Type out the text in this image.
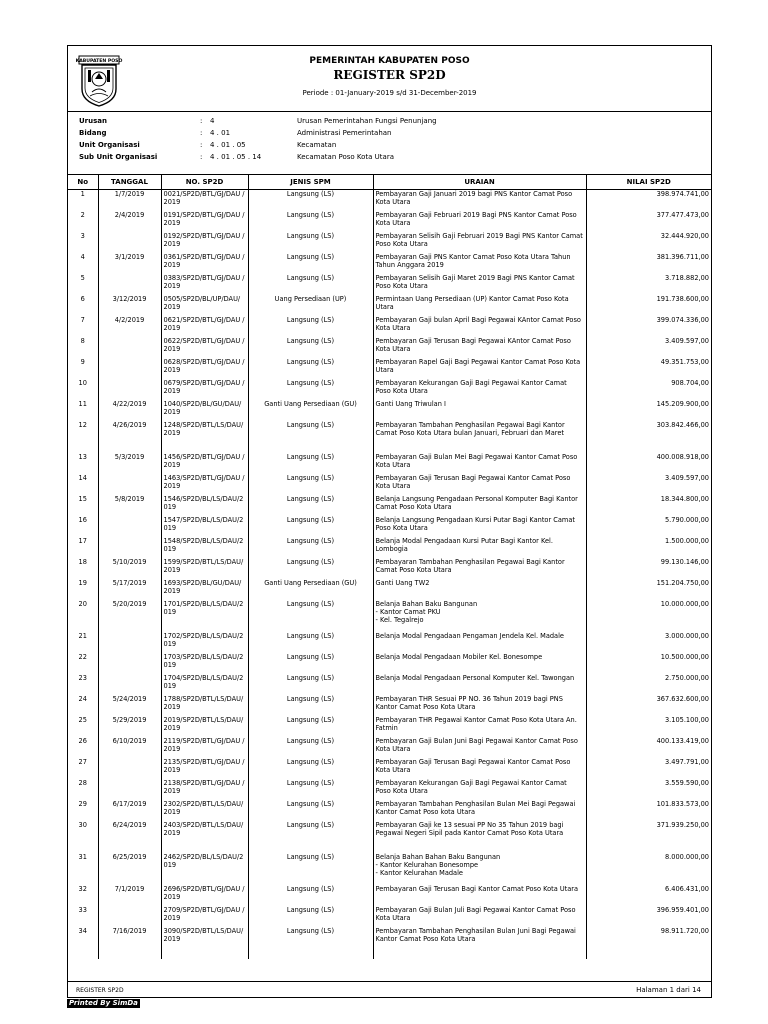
KABUPATEN POSO	PEMERINTAH KABUPATEN POSO
REGISTER SP2D
Periode : 01-January-2019 s/d 31-December-2019
Urusan	: 4	Urusan Pemerintahan Fungsi Penunjang
Bidang	: 4 . 01	Administrasi Pemerintahan
Unit Organisasi	: 4 . 01 . 05	Kecamatan
Sub Unit Organisasi	: 4 . 01 . 05 . 14	Kecamatan Poso Kota Utara
No	TANGGAL	NO. SP2D	JENIS SPM	URAIAN	NILAI SP2D
1	1/7/2019	0021/SP2D/BTL/GJ/DAU /2019	Langsung (LS)	Pembayaran Gaji Januari 2019 bagi PNS Kantor Camat Poso Kota Utara	398.974.741,00
2	2/4/2019	0191/SP2D/BTL/GJ/DAU /2019	Langsung (LS)	Pembayaran Gaji Februari 2019 Bagi PNS Kantor Camat Poso Kota Utara	377.477.473,00
3		0192/SP2D/BTL/GJ/DAU /2019	Langsung (LS)	Pembayaran Selisih Gaji Februari 2019 Bagi PNS Kantor Camat Poso Kota Utara	32.444.920,00
4	3/1/2019	0361/SP2D/BTL/GJ/DAU /2019	Langsung (LS)	Pembayaran Gaji PNS Kantor Camat Poso Kota Utara Tahun Tahun Anggara 2019	381.396.711,00
5		0383/SP2D/BTL/GJ/DAU /2019	Langsung (LS)	Pembayaran Selisih Gaji Maret 2019 Bagi PNS Kantor Camat Poso Kota Utara	3.718.882,00
6	3/12/2019	0505/SP2D/BL/UP/DAU/ 2019	Uang Persediaan (UP)	Permintaan Uang Persediaan (UP) Kantor Camat Poso Kota Utara	191.738.600,00
7	4/2/2019	0621/SP2D/BTL/GJ/DAU /2019	Langsung (LS)	Pembayaran Gaji bulan April Bagi Pegawai KAntor Camat Poso Kota Utara	399.074.336,00
8		0622/SP2D/BTL/GJ/DAU /2019	Langsung (LS)	Pembayaran Gaji Terusan Bagi Pegawai KAntor Camat Poso Kota Utara	3.409.597,00
9		0628/SP2D/BTL/GJ/DAU /2019	Langsung (LS)	Pembayaran Rapel Gaji Bagi Pegawai Kantor Camat Poso Kota Utara	49.351.753,00
10		0679/SP2D/BTL/GJ/DAU /2019	Langsung (LS)	Pembayaran Kekurangan Gaji Bagi Pegawai Kantor Camat Poso Kota Utara	908.704,00
11	4/22/2019	1040/SP2D/BL/GU/DAU/ 2019	Ganti Uang Persediaan (GU)	Ganti Uang Triwulan I	145.209.900,00
12	4/26/2019	1248/SP2D/BTL/LS/DAU/ 2019	Langsung (LS)	Pembayaran Tambahan Penghasilan Pegawai Bagi Kantor Camat Poso Kota Utara bulan Januari, Februari dan Maret	303.842.466,00
13	5/3/2019	1456/SP2D/BTL/GJ/DAU /2019	Langsung (LS)	Pembayaran Gaji Bulan Mei Bagi Pegawai Kantor Camat Poso Kota Utara	400.008.918,00
14		1463/SP2D/BTL/GJ/DAU /2019	Langsung (LS)	Pembayaran Gaji Terusan Bagi Pegawai Kantor Camat Poso Kota Utara	3.409.597,00
15	5/8/2019	1546/SP2D/BL/LS/DAU/2 019	Langsung (LS)	Belanja Langsung Pengadaan Personal Komputer Bagi Kantor Camat Poso Kota Utara	18.344.800,00
16		1547/SP2D/BL/LS/DAU/2 019	Langsung (LS)	Belanja Langsung Pengadaan Kursi Putar Bagi Kantor Camat Poso Kota Utara	5.790.000,00
17		1548/SP2D/BL/LS/DAU/2 019	Langsung (LS)	Belanja Modal Pengadaan Kursi Putar Bagi Kantor Kel. Lombogia	1.500.000,00
18	5/10/2019	1599/SP2D/BTL/LS/DAU/ 2019	Langsung (LS)	Pembayaran Tambahan Penghasilan Pegawai Bagi Kantor Camat Poso Kota Utara	99.130.146,00
19	5/17/2019	1693/SP2D/BL/GU/DAU/ 2019	Ganti Uang Persediaan (GU)	Ganti Uang TW2	151.204.750,00
20	5/20/2019	1701/SP2D/BL/LS/DAU/2 019	Langsung (LS)	Belanja Bahan Baku Bangunan
- Kantor Camat PKU
- Kel. Tegalrejo	10.000.000,00
21		1702/SP2D/BL/LS/DAU/2 019	Langsung (LS)	Belanja Modal Pengadaan Pengaman Jendela Kel. Madale	3.000.000,00
22		1703/SP2D/BL/LS/DAU/2 019	Langsung (LS)	Belanja Modal Pengadaan Mobiler Kel. Bonesompe	10.500.000,00
23		1704/SP2D/BL/LS/DAU/2 019	Langsung (LS)	Belanja Modal Pengadaan Personal Komputer Kel. Tawongan	2.750.000,00
24	5/24/2019	1788/SP2D/BTL/LS/DAU/ 2019	Langsung (LS)	Pembayaran THR Sesuai PP NO. 36 Tahun 2019 bagi PNS Kantor Camat Poso Kota Utara	367.632.600,00
25	5/29/2019	2019/SP2D/BTL/LS/DAU/ 2019	Langsung (LS)	Pembayaran THR Pegawai Kantor Camat Poso Kota Utara An. Fatmin	3.105.100,00
26	6/10/2019	2119/SP2D/BTL/GJ/DAU /2019	Langsung (LS)	Pembayaran Gaji Bulan Juni Bagi Pegawai Kantor Camat Poso Kota Utara	400.133.419,00
27		2135/SP2D/BTL/GJ/DAU /2019	Langsung (LS)	Pembayaran Gaji Terusan Bagi Pegawai Kantor Camat Poso Kota Utara	3.497.791,00
28		2138/SP2D/BTL/GJ/DAU /2019	Langsung (LS)	Pembayaran Kekurangan Gaji Bagi Pegawai Kantor Camat Poso Kota Utara	3.559.590,00
29	6/17/2019	2302/SP2D/BTL/LS/DAU/ 2019	Langsung (LS)	Pembayaran Tambahan Penghasilan Bulan Mei Bagi Pegawai Kantor Camat Poso kota Utara	101.833.573,00
30	6/24/2019	2403/SP2D/BTL/LS/DAU/ 2019	Langsung (LS)	Pembayaran Gaji ke 13 sesuai PP No 35 Tahun 2019 bagi Pegawai Negeri Sipil pada Kantor Camat Poso Kota Utara	371.939.250,00
31	6/25/2019	2462/SP2D/BL/LS/DAU/2 019	Langsung (LS)	Belanja Bahan Bahan Baku Bangunan
- Kantor Kelurahan Bonesompe
- Kantor Kelurahan Madale	8.000.000,00
32	7/1/2019	2696/SP2D/BTL/GJ/DAU /2019	Langsung (LS)	Pembayaran Gaji Terusan Bagi Kantor Camat Poso Kota Utara	6.406.431,00
33		2709/SP2D/BTL/GJ/DAU /2019	Langsung (LS)	Pembayaran Gaji Bulan Juli Bagi Pegawai Kantor Camat Poso Kota Utara	396.959.401,00
34	7/16/2019	3090/SP2D/BTL/LS/DAU/ 2019	Langsung (LS)	Pembayaran Tambahan Penghasilan Bulan Juni Bagi Pegawai Kantor Camat Poso Kota Utara	98.911.720,00
REGISTER SP2D	Halaman 1 dari 14
Printed By SimDa
